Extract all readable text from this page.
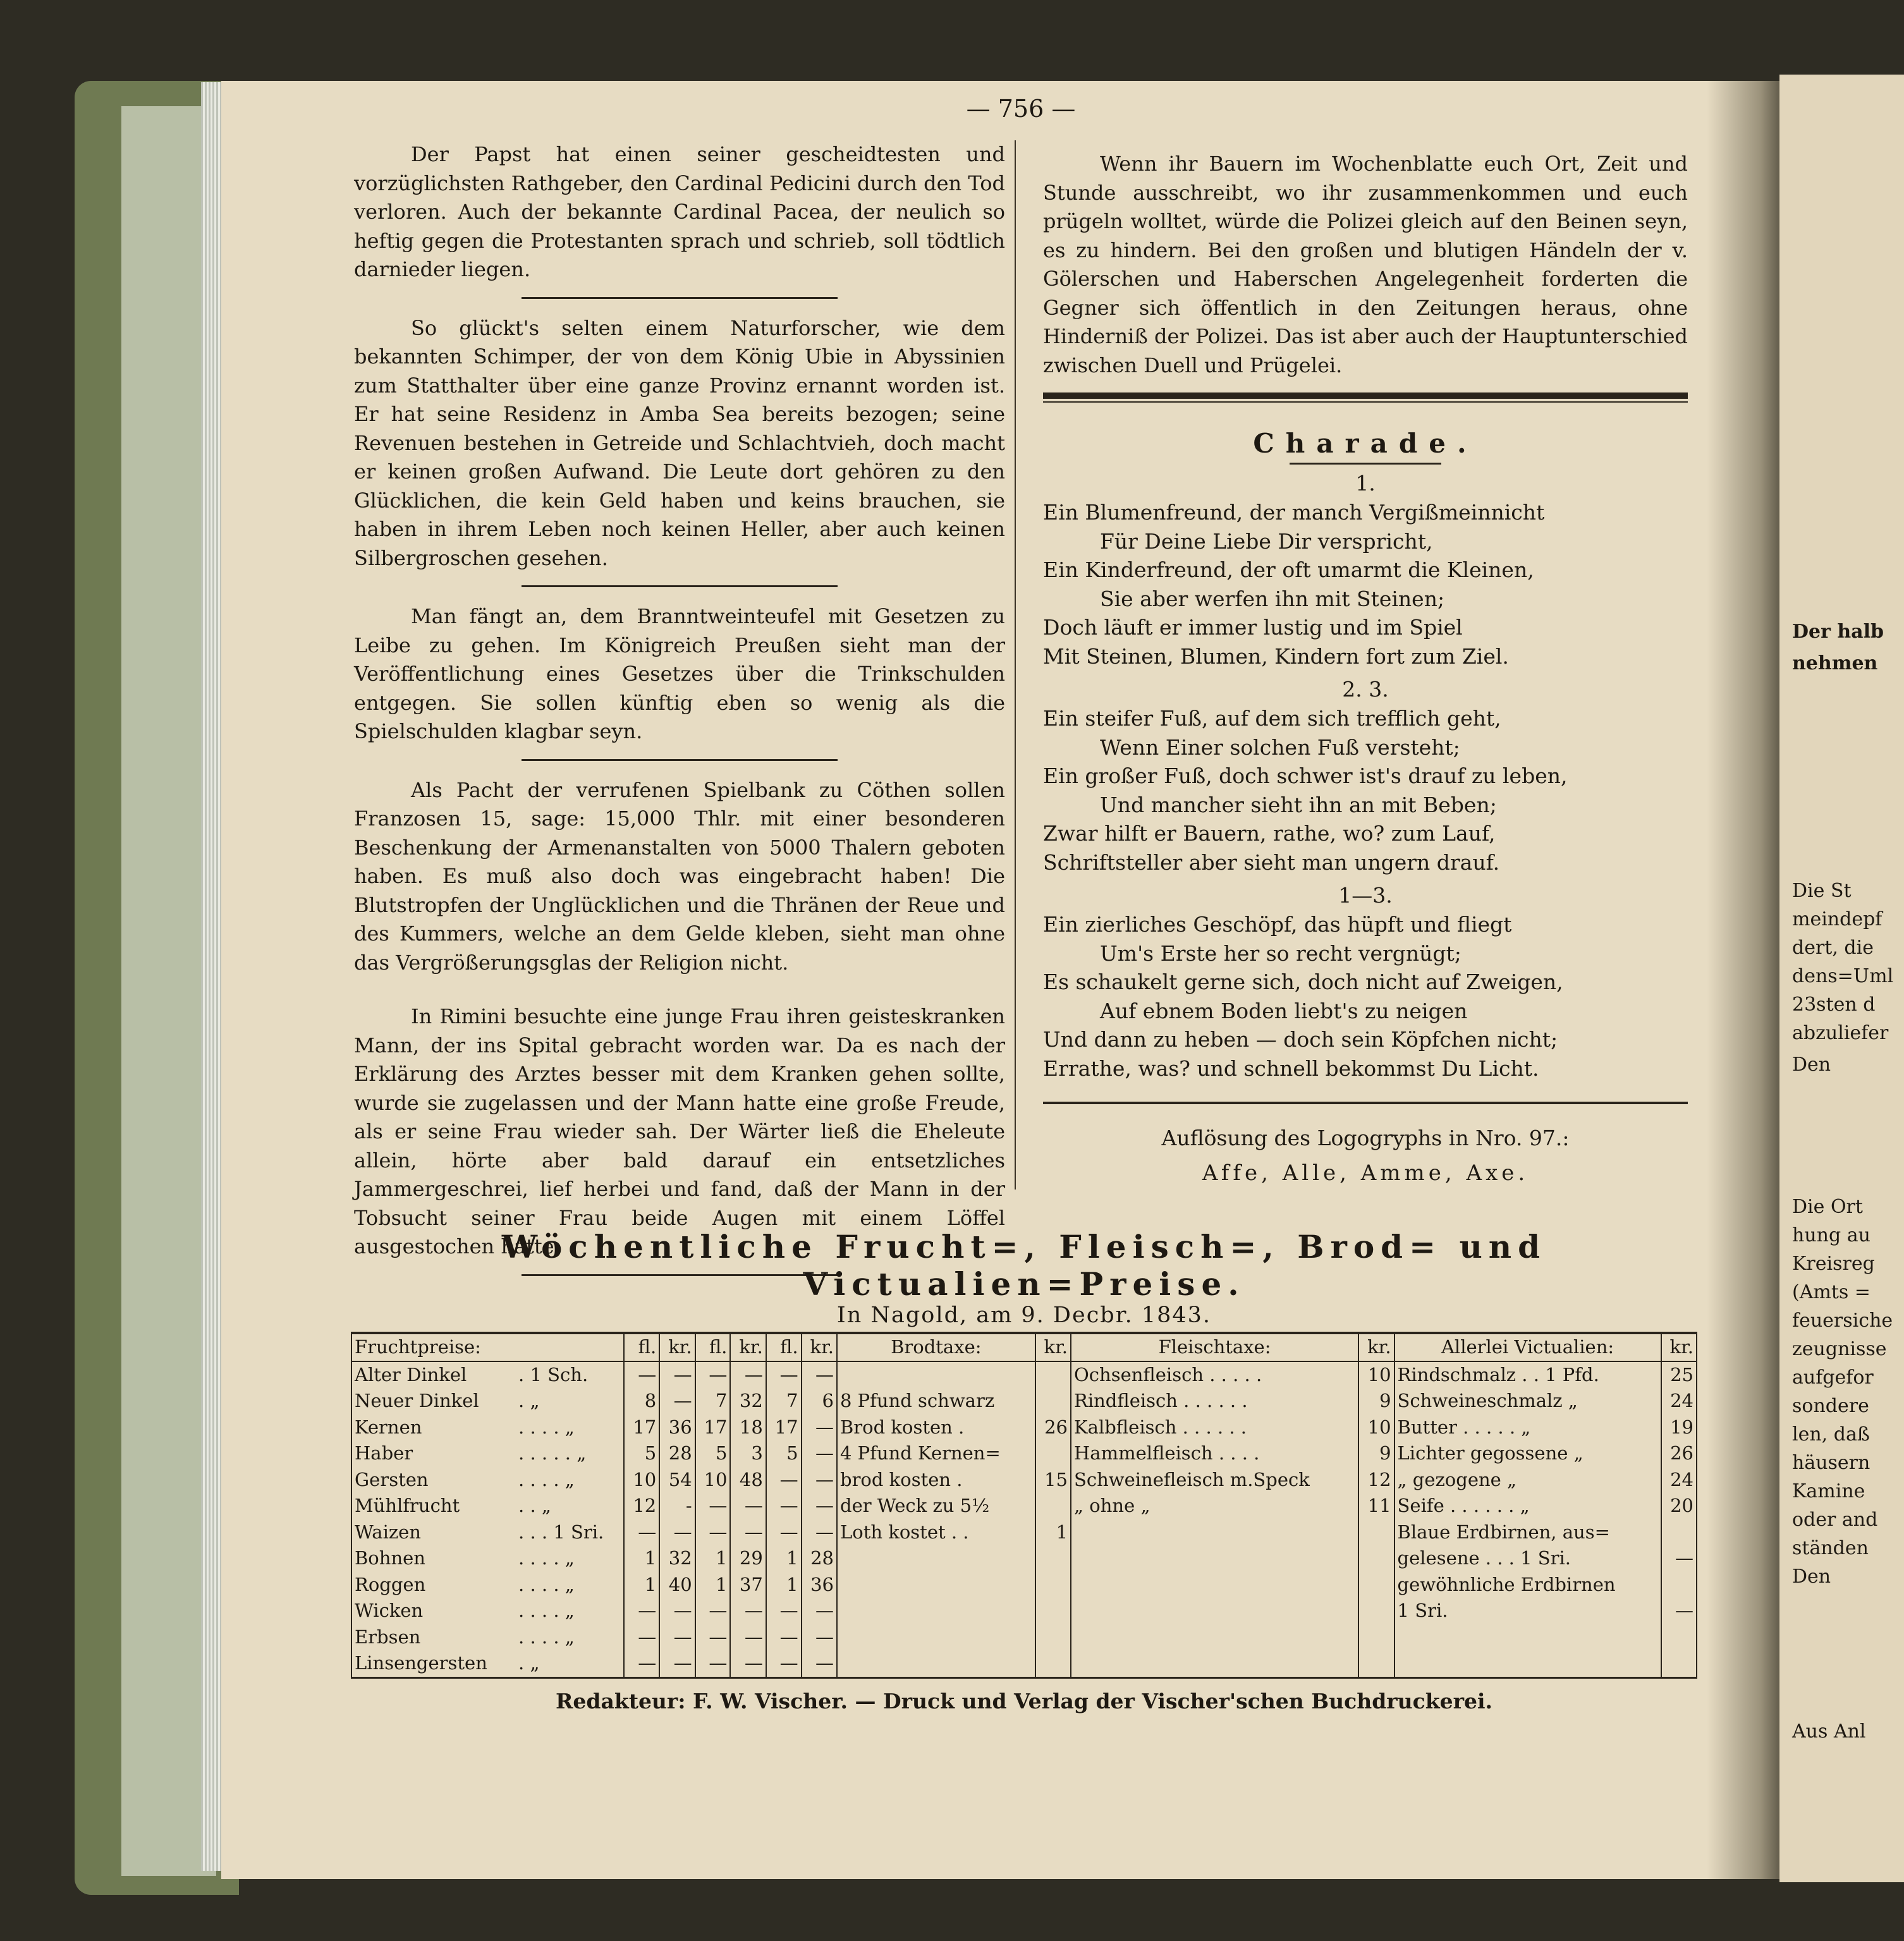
— 756 —

Der Papst hat einen seiner gescheidtesten und vorzüglichsten Rathgeber, den Cardinal Pedicini durch den Tod verloren. Auch der bekannte Cardinal Pacea, der neulich so heftig gegen die Protestanten sprach und schrieb, soll tödtlich darnieder liegen.

So glückt's selten einem Naturforscher, wie dem bekannten Schimper, der von dem König Ubie in Abyssinien zum Statthalter über eine ganze Provinz ernannt worden ist. Er hat seine Residenz in Amba Sea bereits bezogen; seine Revenuen bestehen in Getreide und Schlachtvieh, doch macht er keinen großen Aufwand. Die Leute dort gehören zu den Glücklichen, die kein Geld haben und keins brauchen, sie haben in ihrem Leben noch keinen Heller, aber auch keinen Silbergroschen gesehen.

Man fängt an, dem Branntweinteufel mit Gesetzen zu Leibe zu gehen. Im Königreich Preußen sieht man der Veröffentlichung eines Gesetzes über die Trinkschulden entgegen. Sie sollen künftig eben so wenig als die Spielschulden klagbar seyn.

Als Pacht der verrufenen Spielbank zu Cöthen sollen Franzosen 15, sage: 15,000 Thlr. mit einer besonderen Beschenkung der Armenanstalten von 5000 Thalern geboten haben. Es muß also doch was eingebracht haben! Die Blutstropfen der Unglücklichen und die Thränen der Reue und des Kummers, welche an dem Gelde kleben, sieht man ohne das Vergrößerungsglas der Religion nicht.

In Rimini besuchte eine junge Frau ihren geisteskranken Mann, der ins Spital gebracht worden war. Da es nach der Erklärung des Arztes besser mit dem Kranken gehen sollte, wurde sie zugelassen und der Mann hatte eine große Freude, als er seine Frau wieder sah. Der Wärter ließ die Eheleute allein, hörte aber bald darauf ein entsetzliches Jammergeschrei, lief herbei und fand, daß der Mann in der Tobsucht seiner Frau beide Augen mit einem Löffel ausgestochen hatte.

Wenn ihr Bauern im Wochenblatte euch Ort, Zeit und Stunde ausschreibt, wo ihr zusammenkommen und euch prügeln wolltet, würde die Polizei gleich auf den Beinen seyn, es zu hindern. Bei den großen und blutigen Händeln der v. Gölerschen und Haberschen Angelegenheit forderten die Gegner sich öffentlich in den Zeitungen heraus, ohne Hinderniß der Polizei. Das ist aber auch der Hauptunterschied zwischen Duell und Prügelei.

Charade.
1.
Ein Blumenfreund, der manch Vergißmeinnicht
Für Deine Liebe Dir verspricht,
Ein Kinderfreund, der oft umarmt die Kleinen,
Sie aber werfen ihn mit Steinen;
Doch läuft er immer lustig und im Spiel
Mit Steinen, Blumen, Kindern fort zum Ziel.
2. 3.
Ein steifer Fuß, auf dem sich trefflich geht,
Wenn Einer solchen Fuß versteht;
Ein großer Fuß, doch schwer ist's drauf zu leben,
Und mancher sieht ihn an mit Beben;
Zwar hilft er Bauern, rathe, wo? zum Lauf,
Schriftsteller aber sieht man ungern drauf.
1—3.
Ein zierliches Geschöpf, das hüpft und fliegt
Um's Erste her so recht vergnügt;
Es schaukelt gerne sich, doch nicht auf Zweigen,
Auf ebnem Boden liebt's zu neigen
Und dann zu heben — doch sein Köpfchen nicht;
Errathe, was? und schnell bekommst Du Licht.
Auflösung des Logogryphs in Nro. 97.:
Affe, Alle, Amme, Axe.
Wöchentliche Frucht=, Fleisch=, Brod= und Victualien=Preise.
In Nagold, am 9. Decbr. 1843.
Fruchtpreise:		fl.	kr.	fl.	kr.	fl.	kr.	Brodtaxe:	kr.	Fleischtaxe:	kr.	Allerlei Victualien:	kr.
Alter Dinkel	. 1 Sch.	—	—	—	—	—	—			Ochsenfleisch . . . . .	10	Rindschmalz . . 1 Pfd.	25
Neuer Dinkel	. „	8	—	7	32	7	6	8 Pfund schwarz		Rindfleisch . . . . . .	9	Schweineschmalz „	24
Kernen	. . . . „	17	36	17	18	17	—	Brod kosten .	26	Kalbfleisch . . . . . .	10	Butter . . . . . „	19
Haber	. . . . . „	5	28	5	3	5	—	4 Pfund Kernen=		Hammelfleisch . . . .	9	Lichter gegossene „	26
Gersten	. . . . „	10	54	10	48	—	—	brod kosten .	15	Schweinefleisch m.Speck	12	„ gezogene „	24
Mühlfrucht	. . „	12	-	—	—	—	—	der Weck zu 5½		„ ohne „	11	Seife . . . . . . „	20
Waizen	. . . 1 Sri.	—	—	—	—	—	—	Loth kostet . .	1			Blaue Erdbirnen, aus=	
Bohnen	. . . . „	1	32	1	29	1	28					gelesene . . . 1 Sri.	—
Roggen	. . . . „	1	40	1	37	1	36					gewöhnliche Erdbirnen	
Wicken	. . . . „	—	—	—	—	—	—					1 Sri.	—
Erbsen	. . . . „	—	—	—	—	—	—						
Linsengersten	. „	—	—	—	—	—	—						
Redakteur: F. W. Vischer. — Druck und Verlag der Vischer'schen Buchdruckerei.
Der halb
nehmen
Die St
meindepf
dert, die
dens=Uml
23sten d
abzuliefer
Den
Die Ort
hung au
Kreisreg
(Amts =
feuersiche
zeugnisse
aufgefor
sondere
len, daß
häusern
Kamine
oder and
ständen
Den
Aus Anl
